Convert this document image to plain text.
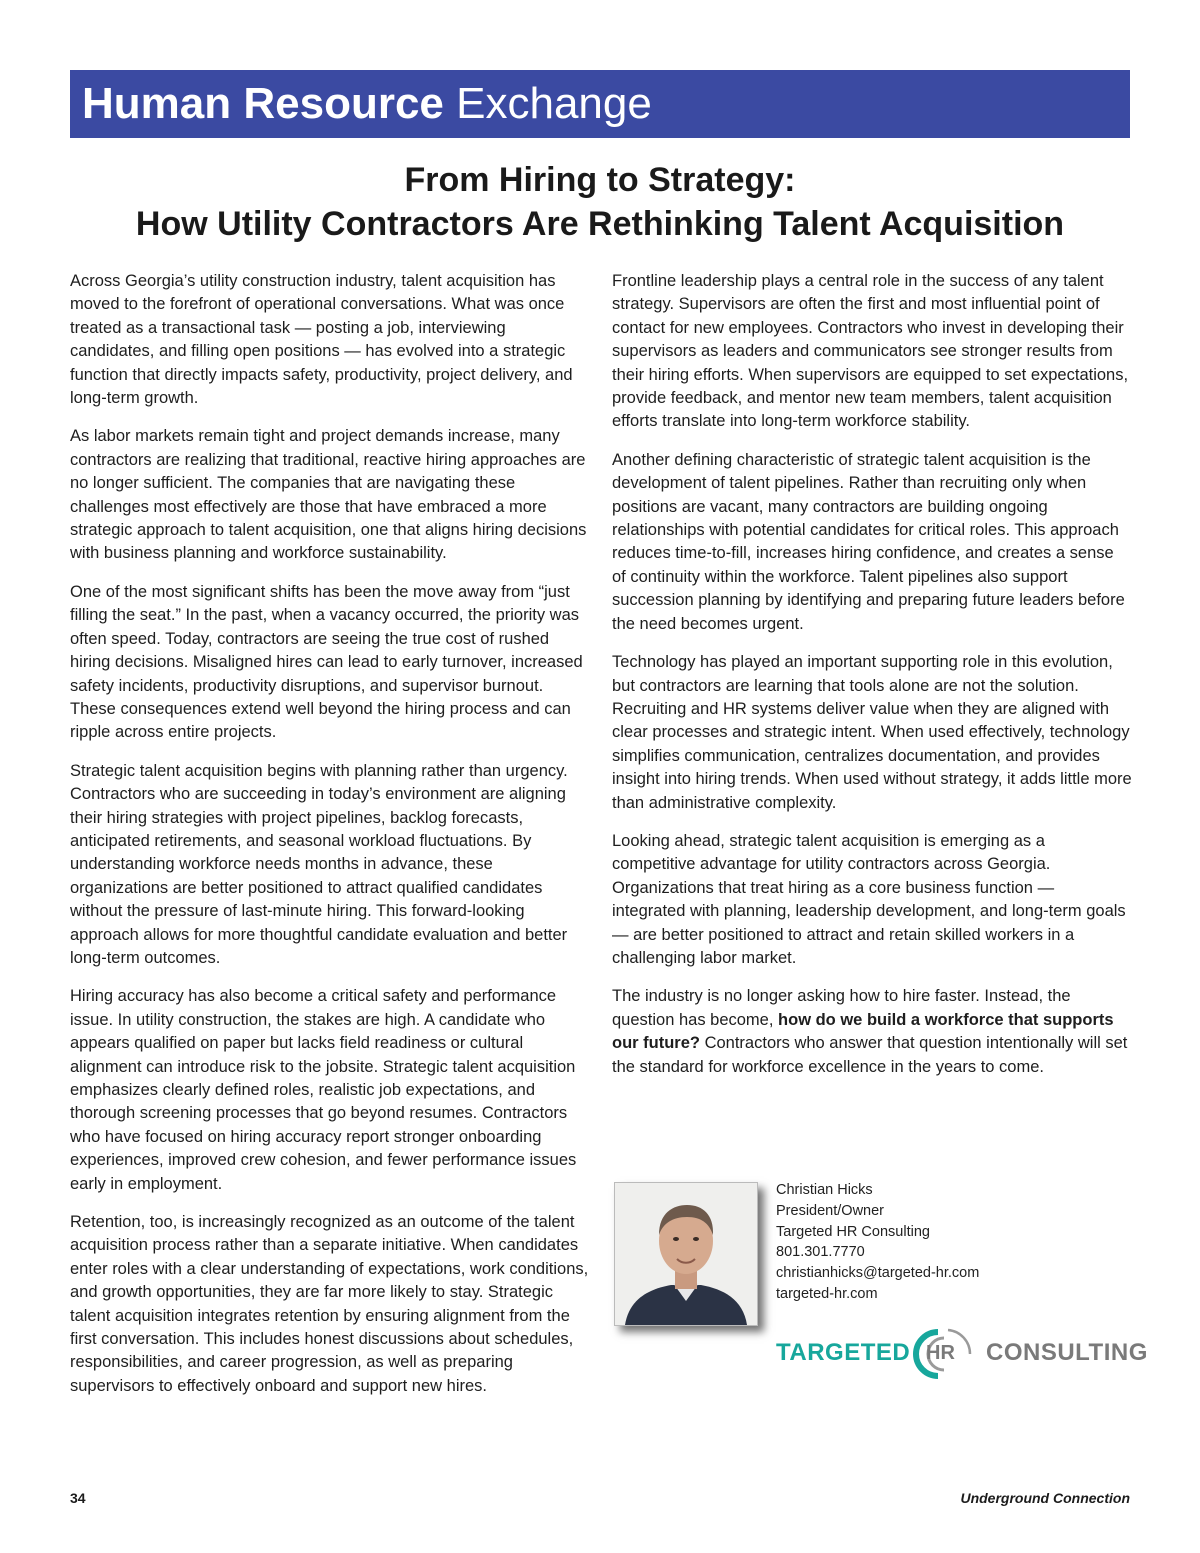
Human Resource Exchange
From Hiring to Strategy:
How Utility Contractors Are Rethinking Talent Acquisition

Across Georgia’s utility construction industry, talent acquisition has moved to the forefront of operational conversations. What was once treated as a transactional task — posting a job, interviewing candidates, and filling open positions — has evolved into a strategic function that directly impacts safety, productivity, project delivery, and long-term growth.

As labor markets remain tight and project demands increase, many contractors are realizing that traditional, reactive hiring approaches are no longer sufficient. The companies that are navigating these challenges most effectively are those that have embraced a more strategic approach to talent acquisition, one that aligns hiring decisions with business planning and workforce sustainability.

One of the most significant shifts has been the move away from “just filling the seat.” In the past, when a vacancy occurred, the priority was often speed. Today, contractors are seeing the true cost of rushed hiring decisions. Misaligned hires can lead to early turnover, increased safety incidents, productivity disruptions, and supervisor burnout. These consequences extend well beyond the hiring process and can ripple across entire projects.

Strategic talent acquisition begins with planning rather than urgency. Contractors who are succeeding in today’s environment are aligning their hiring strategies with project pipelines, backlog forecasts, anticipated retirements, and seasonal workload fluctuations. By understanding workforce needs months in advance, these organizations are better positioned to attract qualified candidates without the pressure of last-minute hiring. This forward-looking approach allows for more thoughtful candidate evaluation and better long-term outcomes.

Hiring accuracy has also become a critical safety and performance issue. In utility construction, the stakes are high. A candidate who appears qualified on paper but lacks field readiness or cultural alignment can introduce risk to the jobsite. Strategic talent acquisition emphasizes clearly defined roles, realistic job expectations, and thorough screening processes that go beyond resumes. Contractors who have focused on hiring accuracy report stronger onboarding experiences, improved crew cohesion, and fewer performance issues early in employment.

Retention, too, is increasingly recognized as an outcome of the talent acquisition process rather than a separate initiative. When candidates enter roles with a clear understanding of expectations, work conditions, and growth opportunities, they are far more likely to stay. Strategic talent acquisition integrates retention by ensuring alignment from the first conversation. This includes honest discussions about schedules, responsibilities, and career progression, as well as preparing supervisors to effectively onboard and support new hires.

Frontline leadership plays a central role in the success of any talent strategy. Supervisors are often the first and most influential point of contact for new employees. Contractors who invest in developing their supervisors as leaders and communicators see stronger results from their hiring efforts. When supervisors are equipped to set expectations, provide feedback, and mentor new team members, talent acquisition efforts translate into long-term workforce stability.

Another defining characteristic of strategic talent acquisition is the development of talent pipelines. Rather than recruiting only when positions are vacant, many contractors are building ongoing relationships with potential candidates for critical roles. This approach reduces time-to-fill, increases hiring confidence, and creates a sense of continuity within the workforce. Talent pipelines also support succession planning by identifying and preparing future leaders before the need becomes urgent.

Technology has played an important supporting role in this evolution, but contractors are learning that tools alone are not the solution. Recruiting and HR systems deliver value when they are aligned with clear processes and strategic intent. When used effectively, technology simplifies communication, centralizes documentation, and provides insight into hiring trends. When used without strategy, it adds little more than administrative complexity.

Looking ahead, strategic talent acquisition is emerging as a competitive advantage for utility contractors across Georgia. Organizations that treat hiring as a core business function — integrated with planning, leadership development, and long-term goals — are better positioned to attract and retain skilled workers in a challenging labor market.

The industry is no longer asking how to hire faster. Instead, the question has become, how do we build a workforce that supports our future? Contractors who answer that question intentionally will set the standard for workforce excellence in the years to come.

Christian Hicks
President/Owner
Targeted HR Consulting
801.301.7770
christianhicks@targeted-hr.com
targeted-hr.com
TARGETED HR CONSULTING
34	Underground Connection
